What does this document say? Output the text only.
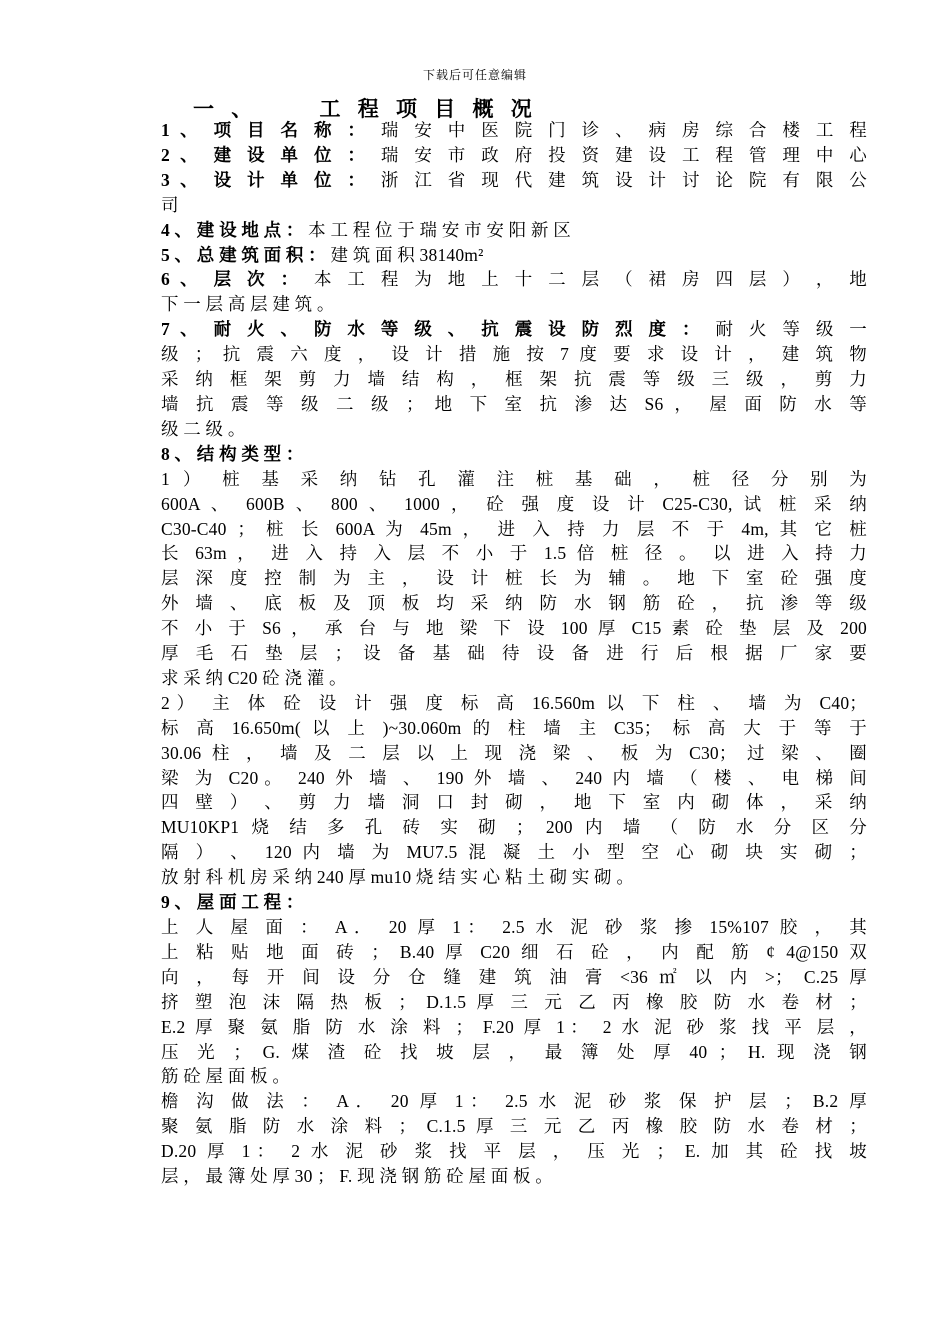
下载后可任意编辑
一 、	工 程 项 目 概 况
1 、 项 目 名 称 ： 瑞 安 中 医 院 门 诊 、 病 房 综 合 楼 工 程
2 、 建 设 单 位 ： 瑞 安 市 政 府 投 资 建 设 工 程 管 理 中 心
3 、 设 计 单 位 ： 浙 江 省 现 代 建 筑 设 计 讨 论 院 有 限 公
司
4 、 建 设 地 点 ： 本 工 程 位 于 瑞 安 市 安 阳 新 区
5 、 总 建 筑 面 积 ： 建 筑 面 积 38140m²
6 、 层 次 ： 本 工 程 为 地 上 十 二 层 （ 裙 房 四 层 ） ， 地
下 一 层 高 层 建 筑 。
7 、 耐 火 、 防 水 等 级 、 抗 震 设 防 烈 度 ： 耐 火 等 级 一
级 ； 抗 震 六 度 ， 设 计 措 施 按 7 度 要 求 设 计 ， 建 筑 物
采 纳 框 架 剪 力 墙 结 构 ， 框 架 抗 震 等 级 三 级 ， 剪 力
墙 抗 震 等 级 二 级 ； 地 下 室 抗 渗 达 S6 ， 屋 面 防 水 等
级 二 级 。
8 、 结 构 类 型 ：
1 ） 桩 基 采 纳 钻 孔 灌 注 桩 基 础 ， 桩 径 分 别 为
600A 、 600B 、 800 、 1000 ， 砼 强 度 设 计 C25-C30, 试 桩 采 纳
C30-C40 ； 桩 长 600A 为 45m ， 进 入 持 力 层 不 于 4m, 其 它 桩
长 63m ， 进 入 持 入 层 不 小 于 1.5 倍 桩 径 。 以 进 入 持 力
层 深 度 控 制 为 主 ， 设 计 桩 长 为 辅 。 地 下 室 砼 强 度
外 墙 、 底 板 及 顶 板 均 采 纳 防 水 钢 筋 砼 ， 抗 渗 等 级
不 小 于 S6 ， 承 台 与 地 梁 下 设 100 厚 C15 素 砼 垫 层 及 200
厚 毛 石 垫 层 ； 设 备 基 础 待 设 备 进 行 后 根 据 厂 家 要
求 采 纳 C20 砼 浇 灌 。
2） 主 体 砼 设 计 强 度 标 高 16.560m 以 下 柱 、 墙 为 C40；
标 高 16.650m( 以 上 )~30.060m 的 柱 墙 主 C35； 标 高 大 于 等 于
30.06 柱 ， 墙 及 二 层 以 上 现 浇 梁 、 板 为 C30； 过 梁 、 圈
梁 为 C20。 240 外 墙 、 190 外 墙 、 240 内 墙 （ 楼 、 电 梯 间
四 壁 ） 、 剪 力 墙 洞 口 封 砌 ， 地 下 室 内 砌 体 ， 采 纳
MU10KP1 烧 结 多 孔 砖 实 砌 ； 200 内 墙 （ 防 水 分 区 分
隔 ） 、 120 内 墙 为 MU7.5 混 凝 土 小 型 空 心 砌 块 实 砌 ；
放 射 科 机 房 采 纳 240 厚 mu10 烧 结 实 心 粘 土 砌 实 砌 。
9 、 屋 面 工 程 ：
上 人 屋 面 ： A． 20 厚 1： 2.5 水 泥 砂 浆 掺 15%107 胶 ， 其
上 粘 贴 地 面 砖 ； B.40 厚 C20 细 石 砼 ， 内 配 筋 ¢ 4@150 双
向 ， 每 开 间 设 分 仓 缝 建 筑 油 膏 <36 ㎡ 以 内 >； C.25 厚
挤 塑 泡 沫 隔 热 板 ； D.1.5 厚 三 元 乙 丙 橡 胶 防 水 卷 材 ；
E.2 厚 聚 氨 脂 防 水 涂 料 ； F.20 厚 1： 2 水 泥 砂 浆 找 平 层 ，
压 光 ； G. 煤 渣 砼 找 坡 层 ， 最 簿 处 厚 40 ； H. 现 浇 钢
筋 砼 屋 面 板 。
檐 沟 做 法 ： A． 20 厚 1： 2.5 水 泥 砂 浆 保 护 层 ； B.2 厚
聚 氨 脂 防 水 涂 料 ； C.1.5 厚 三 元 乙 丙 橡 胶 防 水 卷 材 ；
D.20 厚 1： 2 水 泥 砂 浆 找 平 层 ， 压 光 ； E. 加 其 砼 找 坡
层 ， 最 簿 处 厚 30 ； F. 现 浇 钢 筋 砼 屋 面 板 。
